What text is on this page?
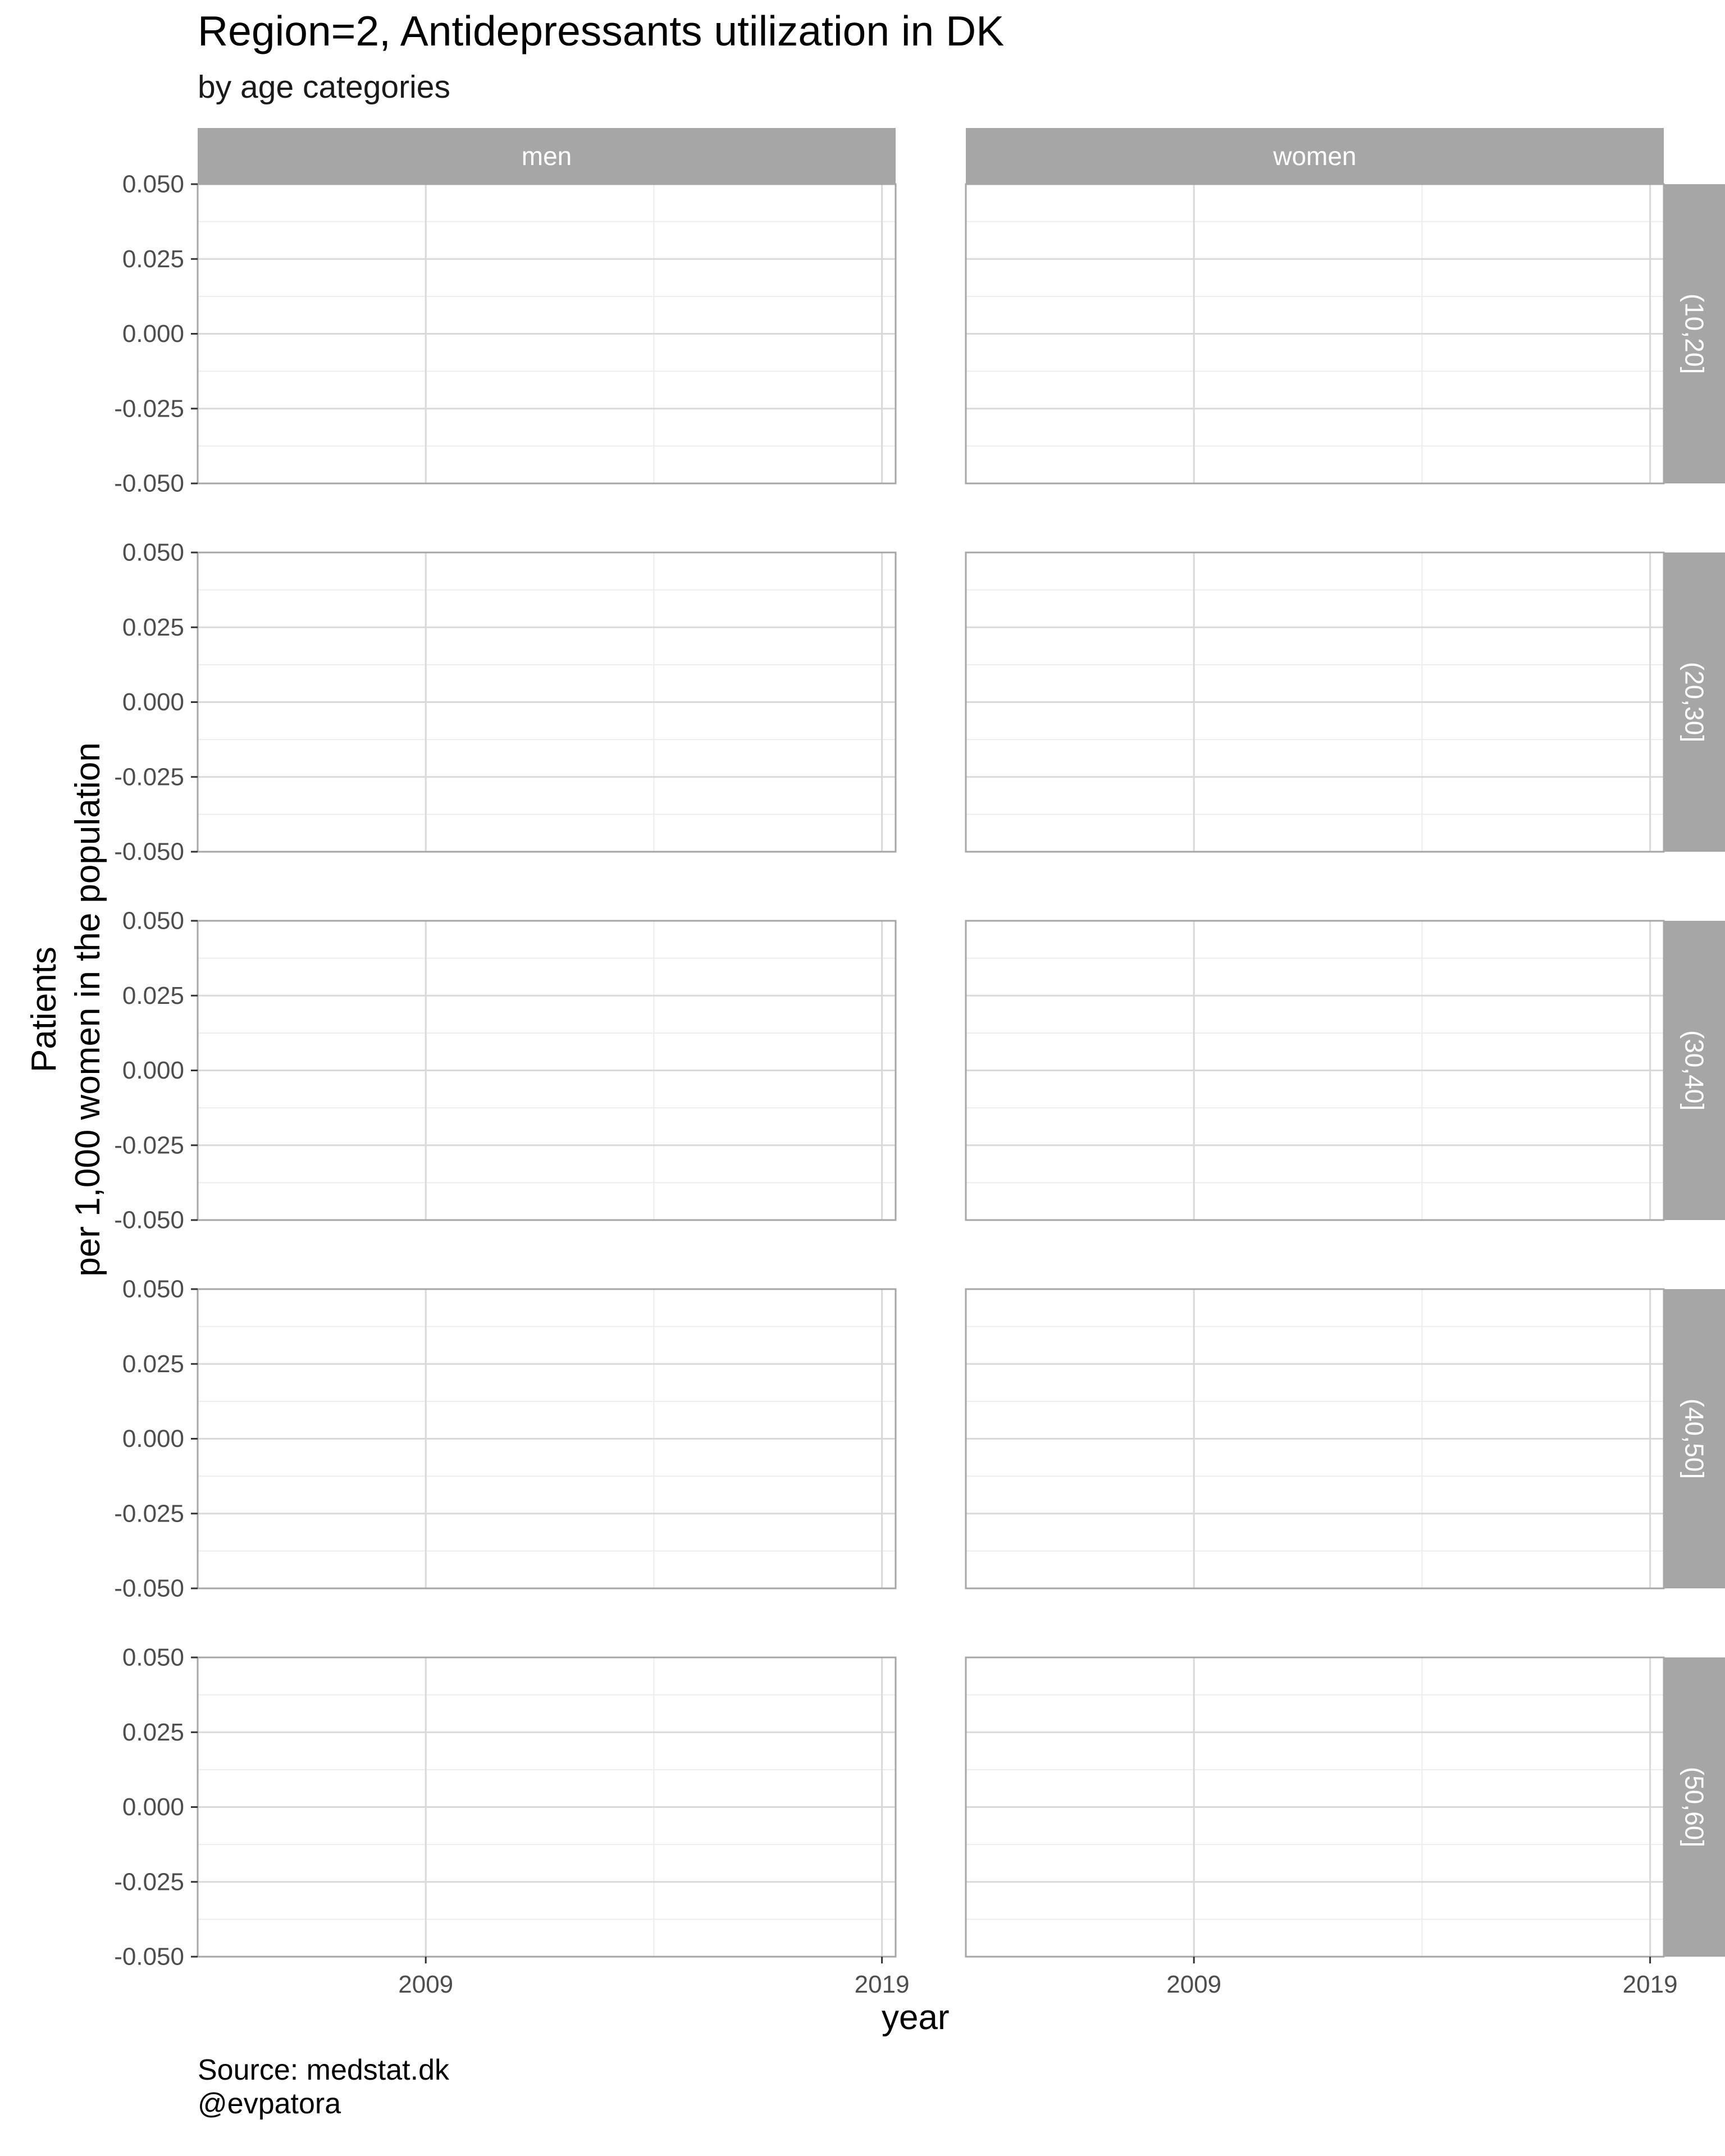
Region=2, Antidepressants utilization in DK
by age categories
0.050
0.025
0.000
-0.025
-0.050
(10,20]
0.050
0.025
0.000
-0.025
-0.050
(20,30]
0.050
0.025
0.000
-0.025
-0.050
(30,40]
0.050
0.025
0.000
-0.025
-0.050
(40,50]
0.050
0.025
0.000
-0.025
-0.050
2009	2019	2009	2019
(50,60]
men	women
Patients per 1,000 women in the population
year
Source: medstat.dk
@evpatora
